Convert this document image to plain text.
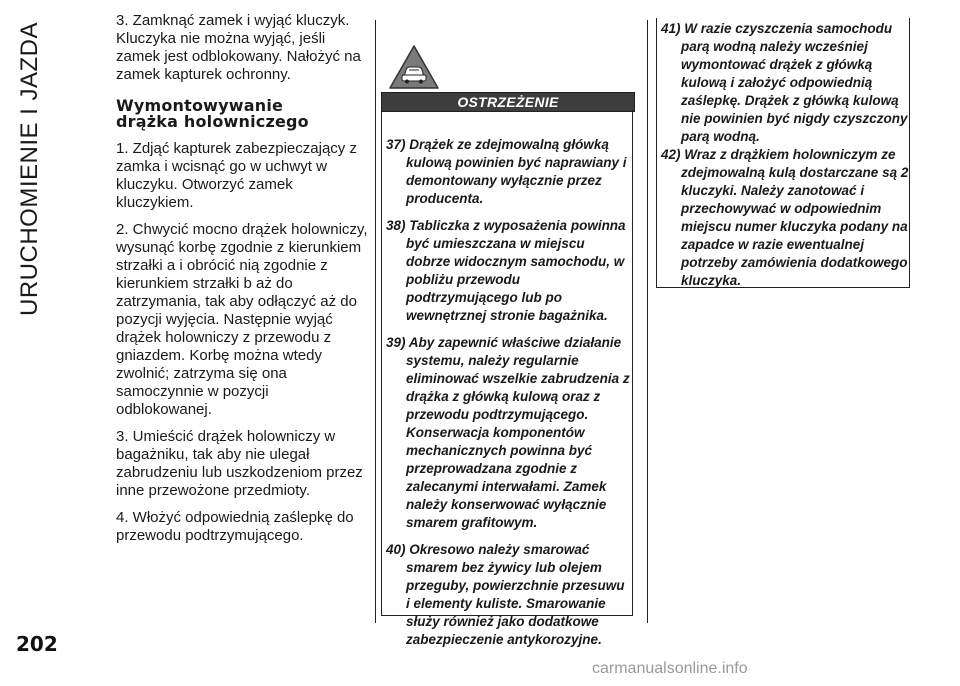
URUCHOMIENIE I JAZDA
202

3. Zamknąć zamek i wyjąć kluczyk. Kluczyka nie można wyjąć, jeśli zamek jest odblokowany. Nałożyć na zamek kapturek ochronny.

Wymontowywanie
drążka holowniczego

1. Zdjąć kapturek zabezpieczający z zamka i wcisnąć go w uchwyt w kluczyku. Otworzyć zamek kluczykiem.

2. Chwycić mocno drążek holowniczy, wysunąć korbę zgodnie z kierunkiem strzałki a i obrócić nią zgodnie z kierunkiem strzałki b aż do zatrzymania, tak aby odłączyć aż do pozycji wyjęcia. Następnie wyjąć drążek holowniczy z przewodu z gniazdem. Korbę można wtedy zwolnić; zatrzyma się ona samoczynnie w pozycji odblokowanej.

3. Umieścić drążek holowniczy w bagażniku, tak aby nie ulegał zabrudzeniu lub uszkodzeniom przez inne przewożone przedmioty.

4. Włożyć odpowiednią zaślepkę do przewodu podtrzymującego.

OSTRZEŻENIE
37) Drążek ze zdejmowalną główką kulową powinien być naprawiany i demontowany wyłącznie przez producenta.
38) Tabliczka z wyposażenia powinna być umieszczana w miejscu dobrze widocznym samochodu, w pobliżu przewodu podtrzymującego lub po wewnętrznej stronie bagażnika.
39) Aby zapewnić właściwe działanie systemu, należy regularnie eliminować wszelkie zabrudzenia z drążka z główką kulową oraz z przewodu podtrzymującego. Konserwacja komponentów mechanicznych powinna być przeprowadzana zgodnie z zalecanymi interwałami. Zamek należy konserwować wyłącznie smarem grafitowym.
40) Okresowo należy smarować smarem bez żywicy lub olejem przeguby, powierzchnie przesuwu i elementy kuliste. Smarowanie służy również jako dodatkowe zabezpieczenie antykorozyjne.
41) W razie czyszczenia samochodu parą wodną należy wcześniej wymontować drążek z główką kulową i założyć odpowiednią zaślepkę. Drążek z główką kulową nie powinien być nigdy czyszczony parą wodną.
42) Wraz z drążkiem holowniczym ze zdejmowalną kulą dostarczane są 2 kluczyki. Należy zanotować i przechowywać w odpowiednim miejscu numer kluczyka podany na zapadce w razie ewentualnej potrzeby zamówienia dodatkowego kluczyka.
carmanualsonline.info
